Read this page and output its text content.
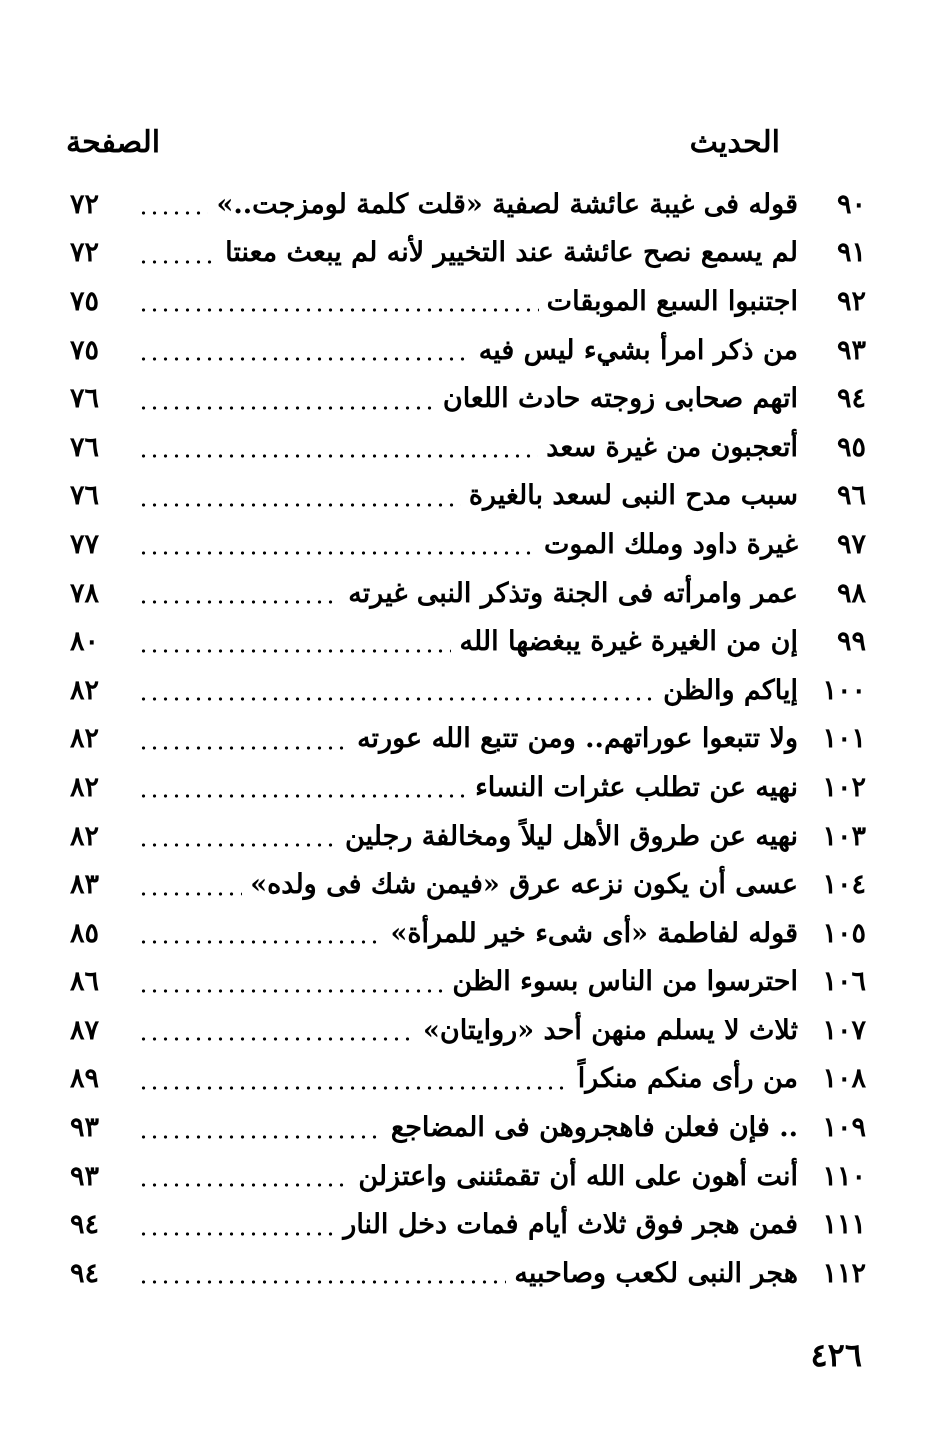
الحديث
الصفحة
٩٠
قوله فى غيبة عائشة لصفية «قلت كلمة لومزجت..»
٧٢
٩١
لم يسمع نصح عائشة عند التخيير لأنه لم يبعث معنتا
٧٢
٩٢
اجتنبوا السبع الموبقات
٧٥
٩٣
من ذكر امرأ بشيء ليس فيه
٧٥
٩٤
اتهم صحابى زوجته حادث اللعان
٧٦
٩٥
أتعجبون من غيرة سعد
٧٦
٩٦
سبب مدح النبى لسعد بالغيرة
٧٦
٩٧
غيرة داود وملك الموت
٧٧
٩٨
عمر وامرأته فى الجنة وتذكر النبى غيرته
٧٨
٩٩
إن من الغيرة غيرة يبغضها الله
٨٠
١٠٠
إياكم والظن
٨٢
١٠١
ولا تتبعوا عوراتهم.. ومن تتبع الله عورته
٨٢
١٠٢
نهيه عن تطلب عثرات النساء
٨٢
١٠٣
نهيه عن طروق الأهل ليلاً ومخالفة رجلين
٨٢
١٠٤
عسى أن يكون نزعه عرق «فيمن شك فى ولده»
٨٣
١٠٥
قوله لفاطمة «أى شىء خير للمرأة»
٨٥
١٠٦
احترسوا من الناس بسوء الظن
٨٦
١٠٧
ثلاث لا يسلم منهن أحد «روايتان»
٨٧
١٠٨
من رأى منكم منكراً
٨٩
١٠٩
.. فإن فعلن فاهجروهن فى المضاجع
٩٣
١١٠
أنت أهون على الله أن تقمئننى واعتزلن
٩٣
١١١
فمن هجر فوق ثلاث أيام فمات دخل النار
٩٤
١١٢
هجر النبى لكعب وصاحبيه
٩٤
٤٢٦
